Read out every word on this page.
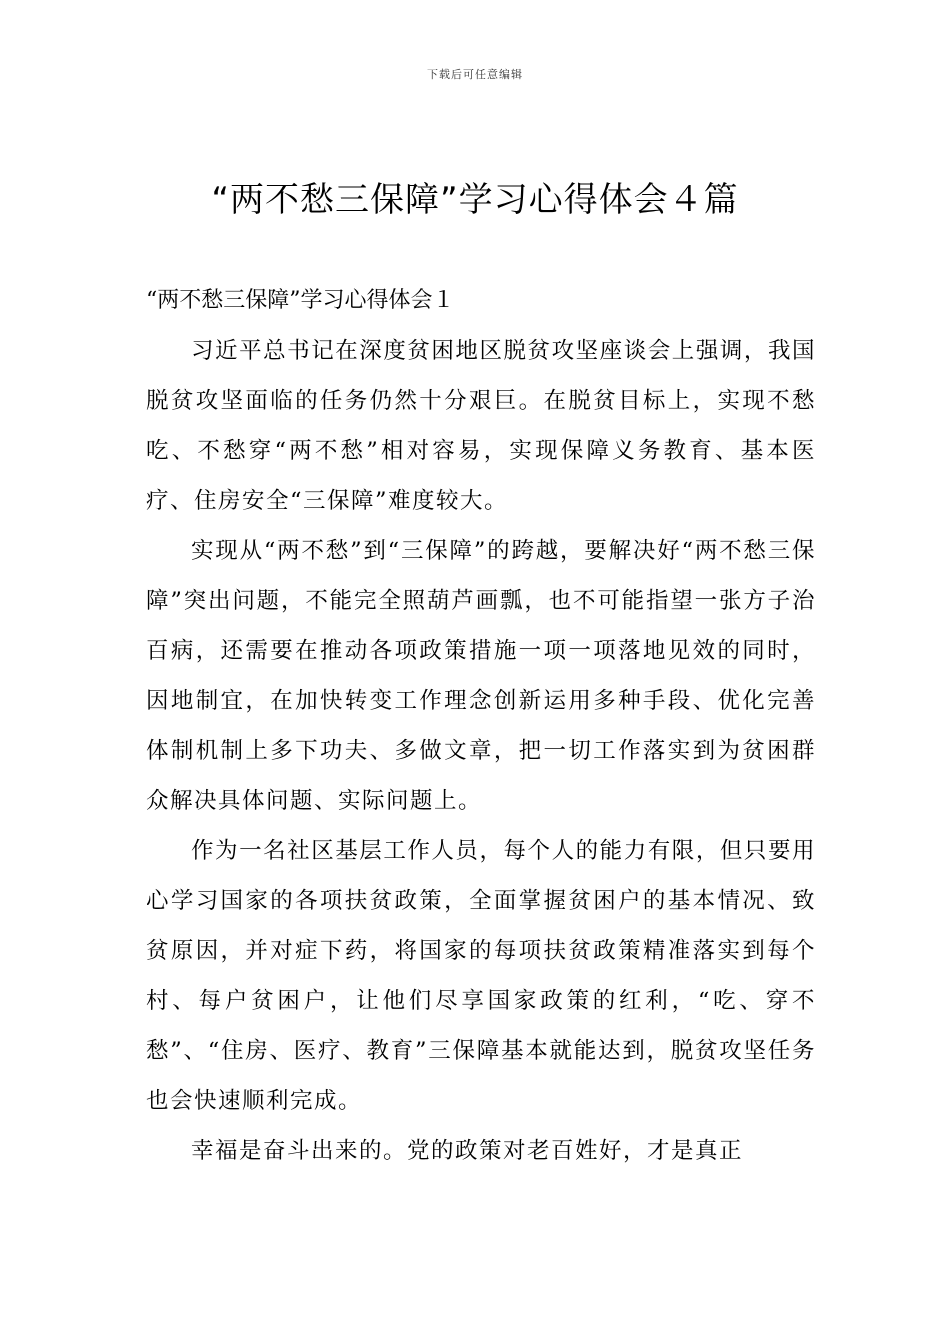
下载后可任意编辑
“两不愁三保障”学习心得体会４篇
“两不愁三保障”学习心得体会１

习近平总书记在深度贫困地区脱贫攻坚座谈会上强调，我国脱贫攻坚面临的任务仍然十分艰巨。在脱贫目标上，实现不愁吃、不愁穿“两不愁”相对容易，实现保障义务教育、基本医疗、住房安全“三保障”难度较大。

实现从“两不愁”到“三保障”的跨越，要解决好“两不愁三保障”突出问题，不能完全照葫芦画瓢，也不可能指望一张方子治百病，还需要在推动各项政策措施一项一项落地见效的同时，因地制宜，在加快转变工作理念创新运用多种手段、优化完善体制机制上多下功夫、多做文章，把一切工作落实到为贫困群众解决具体问题、实际问题上。

作为一名社区基层工作人员，每个人的能力有限，但只要用心学习国家的各项扶贫政策，全面掌握贫困户的基本情况、致贫原因，并对症下药，将国家的每项扶贫政策精准落实到每个村、每户贫困户，让他们尽享国家政策的红利，“吃、穿不愁”、“住房、医疗、教育”三保障基本就能达到，脱贫攻坚任务也会快速顺利完成。

幸福是奋斗出来的。党的政策对老百姓好，才是真正
